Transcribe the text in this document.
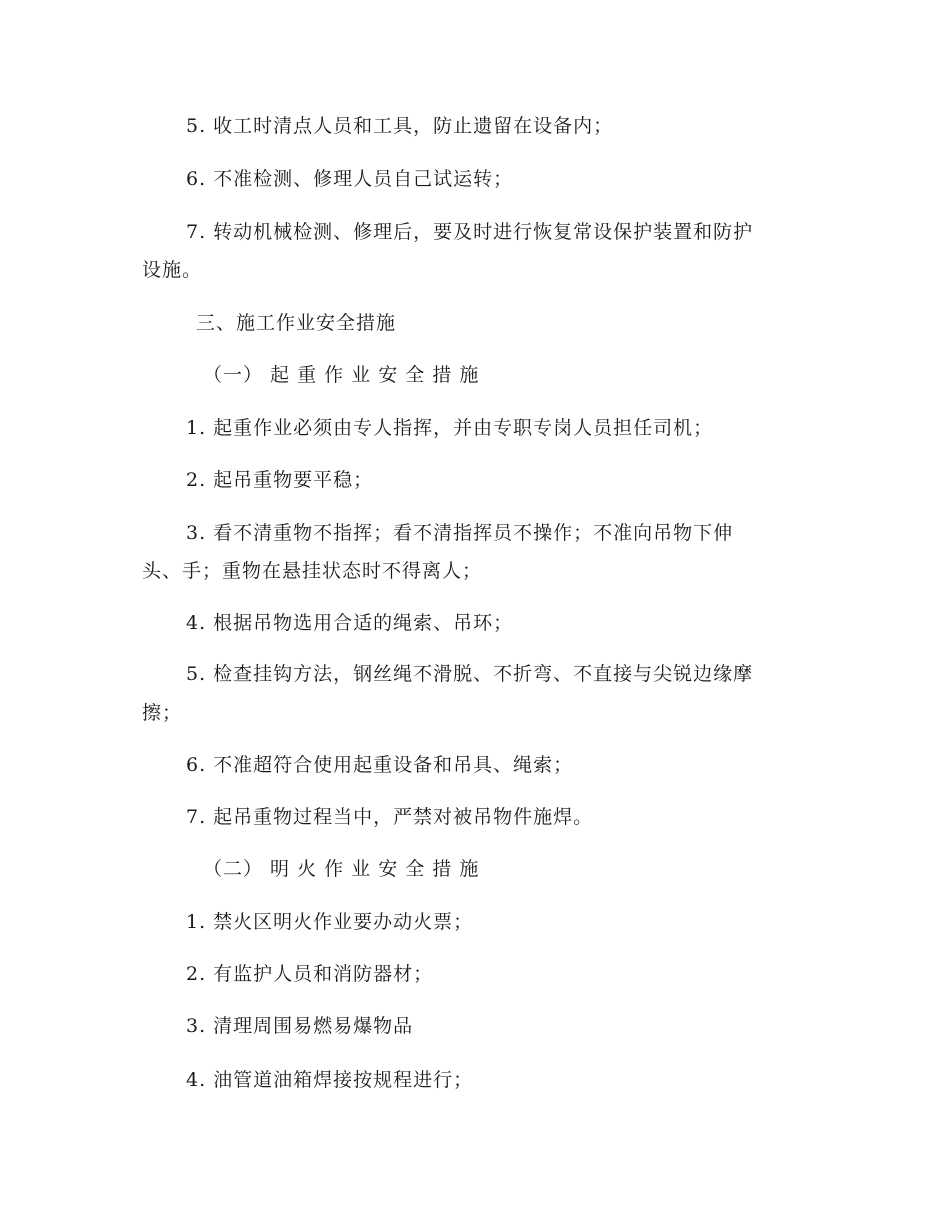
5. 收工时清点人员和工具，防止遗留在设备内；
6. 不准检测、修理人员自己试运转；
7. 转动机械检测、修理后，要及时进行恢复常设保护装置和防护
设施。
三、施工作业安全措施
（一） 起 重 作 业 安 全 措 施
1. 起重作业必须由专人指挥，并由专职专岗人员担任司机；
2. 起吊重物要平稳；
3. 看不清重物不指挥；看不清指挥员不操作；不准向吊物下伸
头、手；重物在悬挂状态时不得离人；
4. 根据吊物选用合适的绳索、吊环；
5. 检查挂钩方法，钢丝绳不滑脱、不折弯、不直接与尖锐边缘摩
擦；
6. 不准超符合使用起重设备和吊具、绳索；
7. 起吊重物过程当中，严禁对被吊物件施焊。
（二） 明 火 作 业 安 全 措 施
1. 禁火区明火作业要办动火票；
2. 有监护人员和消防器材；
3. 清理周围易燃易爆物品
4. 油管道油箱焊接按规程进行；
